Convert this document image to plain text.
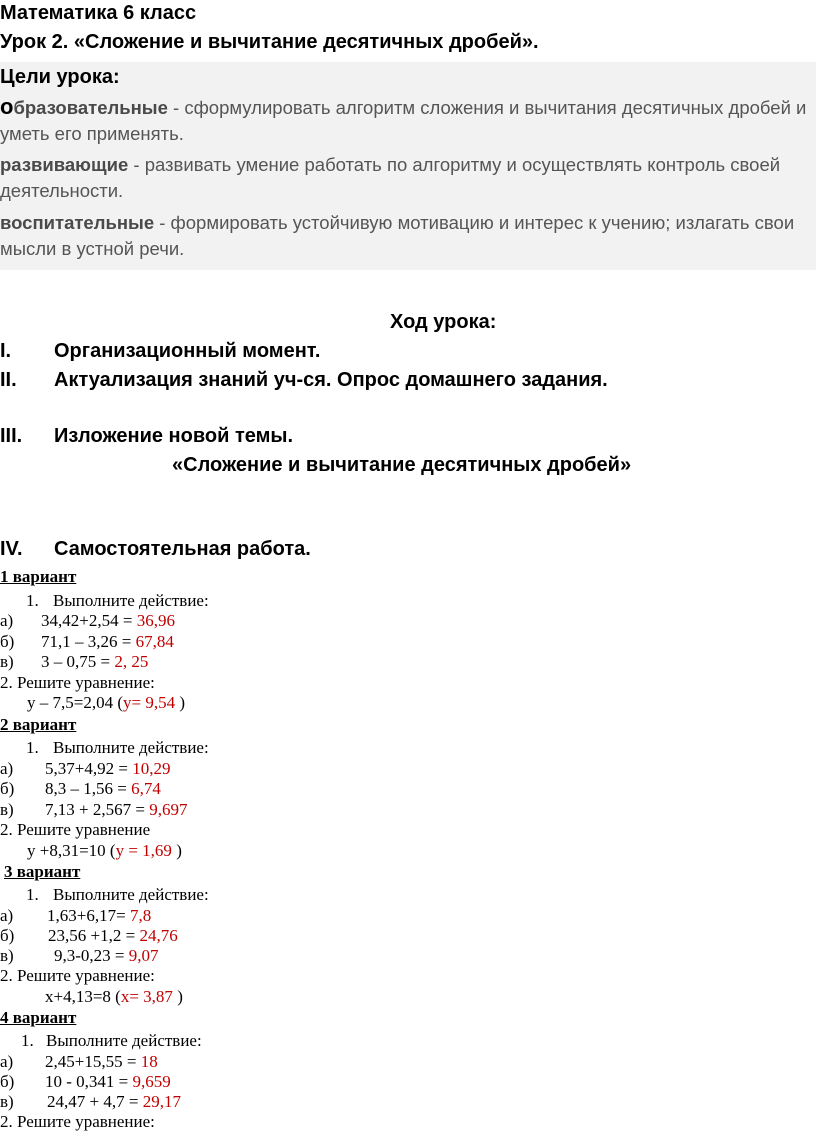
Математика 6 класс
Урок 2. «Сложение и вычитание десятичных дробей».
Цели урока:
образовательные - сформулировать алгоритм сложения и вычитания десятичных дробей и уметь его применять.
развивающие - развивать умение работать по алгоритму и осуществлять контроль своей деятельности.
воспитательные - формировать устойчивую мотивацию и интерес к учению; излагать свои мысли в устной речи.
Ход урока:
I. Организационный момент.
II. Актуализация знаний уч-ся. Опрос домашнего задания.
III. Изложение новой темы.
«Сложение и вычитание десятичных дробей»
IV. Самостоятельная работа.
1 вариант
1. Выполните действие:
а) 34,42+2,54 = 36,96
б) 71,1 – 3,26 = 67,84
в) 3 – 0,75 = 2, 25
2. Решите уравнение:
у – 7,5=2,04 (у= 9,54 )
2 вариант
1. Выполните действие:
а) 5,37+4,92 = 10,29
б) 8,3 – 1,56 = 6,74
в) 7,13 + 2,567 = 9,697
2. Решите уравнение
у +8,31=10 (у = 1,69 )
3 вариант
1. Выполните действие:
а) 1,63+6,17= 7,8
б) 23,56 +1,2 = 24,76
в) 9,3-0,23 = 9,07
2. Решите уравнение:
х+4,13=8 (х= 3,87 )
4 вариант
1. Выполните действие:
а) 2,45+15,55 = 18
б) 10 - 0,341 = 9,659
в) 24,47 + 4,7 = 29,17
2. Решите уравнение:
